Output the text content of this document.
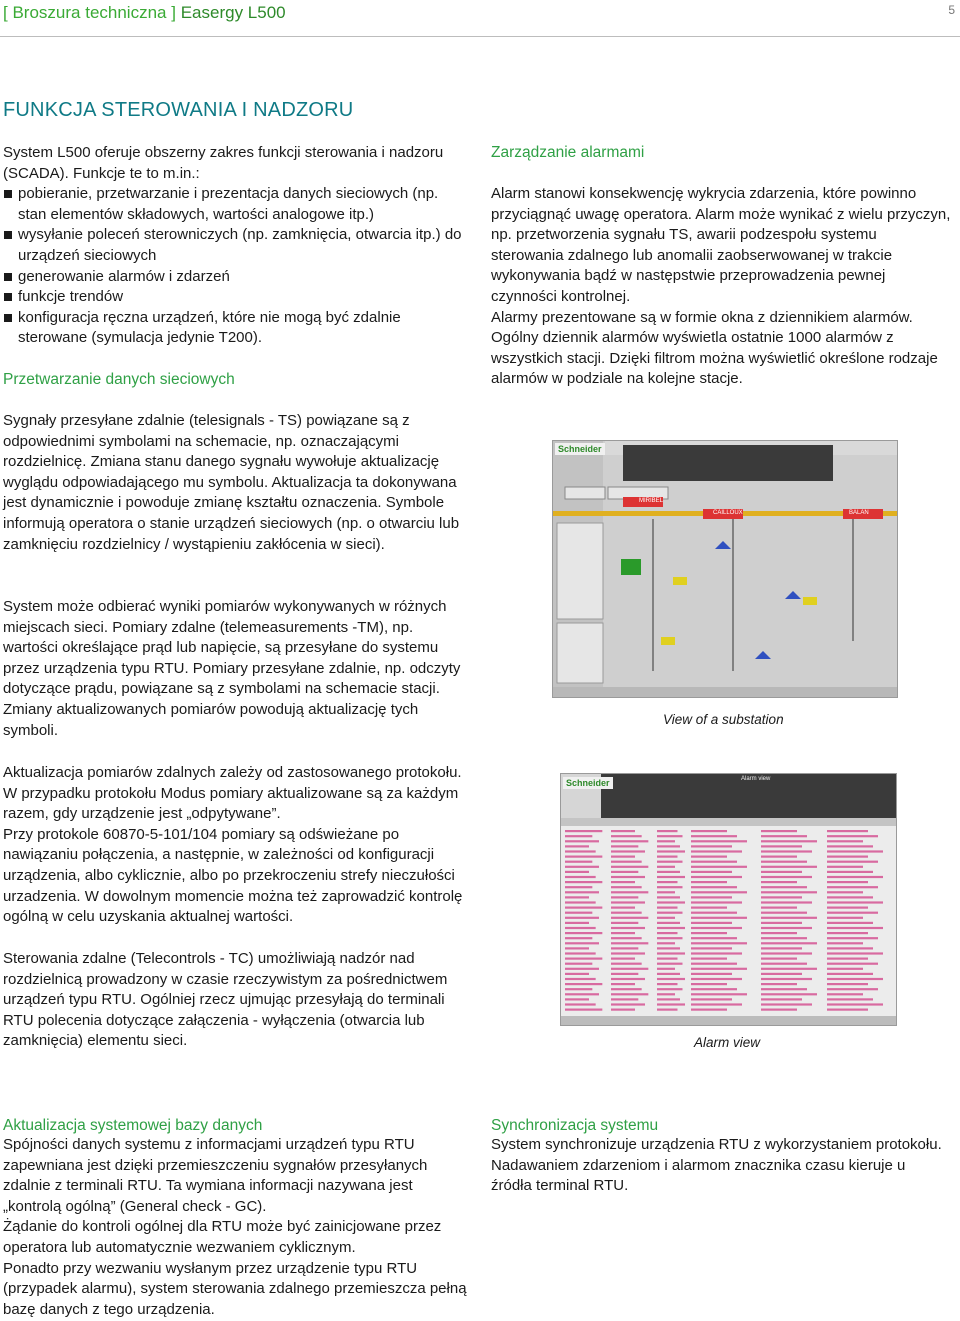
[ Broszura techniczna ] Easergy L500	5
FUNKCJA STEROWANIA I NADZORU

System L500 oferuje obszerny zakres funkcji sterowania i nadzoru (SCADA). Funkcje te to m.in.:

pobieranie, przetwarzanie i prezentacja danych sieciowych (np. stan elementów składowych, wartości analogowe itp.)
wysyłanie poleceń sterowniczych (np. zamknięcia, otwarcia itp.) do urządzeń sieciowych
generowanie alarmów i zdarzeń
funkcje trendów
konfiguracja ręczna urządzeń, które nie mogą być zdalnie sterowane (symulacja jedynie T200).
Przetwarzanie danych sieciowych
Sygnały przesyłane zdalnie (telesignals - TS) powiązane są z odpowiednimi symbolami na schemacie, np. oznaczającymi rozdzielnicę. Zmiana stanu danego sygnału wywołuje aktualizację wyglądu odpowiadającego mu symbolu. Aktualizacja ta dokonywana jest dynamicznie i powoduje zmianę kształtu oznaczenia. Symbole informują operatora o stanie urządzeń sieciowych (np. o otwarciu lub zamknięciu rozdzielnicy / wystąpieniu zakłócenia w sieci).
System może odbierać wyniki pomiarów wykonywanych w różnych miejscach sieci. Pomiary zdalne (telemeasurements -TM), np. wartości określające prąd lub napięcie, są przesyłane do systemu przez urządzenia typu RTU. Pomiary przesyłane zdalnie, np. odczyty dotyczące prądu, powiązane są z symbolami na schemacie stacji. Zmiany aktualizowanych pomiarów powodują aktualizację tych symboli.

Aktualizacja pomiarów zdalnych zależy od zastosowanego protokołu. W przypadku protokołu Modus pomiary aktualizowane są za każdym razem, gdy urządzenie jest „odpytywane”.

Przy protokole 60870-5-101/104 pomiary są odświeżane po nawiązaniu połączenia, a następnie, w zależności od konfiguracji urządzenia, albo cyklicznie, albo po przekroczeniu strefy nieczułości urzadzenia. W dowolnym momencie można też zaprowadzić kontrolę ogólną w celu uzyskania aktualnej wartości.

Sterowania zdalne (Telecontrols - TC) umożliwiają nadzór nad rozdzielnicą prowadzony w czasie rzeczywistym za pośrednictwem urządzeń typu RTU. Ogólniej rzecz ujmując przesyłają do terminali RTU polecenia dotyczące załączenia - wyłączenia (otwarcia lub zamknięcia) elementu sieci.
Zarządzanie alarmami

Alarm stanowi konsekwencję wykrycia zdarzenia, które powinno przyciągnąć uwagę operatora. Alarm może wynikać z wielu przyczyn, np. przetworzenia sygnału TS, awarii podzespołu systemu sterowania zdalnego lub anomalii zaobserwowanej w trakcie wykonywania bądź w następstwie przeprowadzenia pewnej czynności kontrolnej.

Alarmy prezentowane są w formie okna z dziennikiem alarmów. Ogólny dziennik alarmów wyświetla ostatnie 1000 alarmów z wszystkich stacji. Dzięki filtrom można wyświetlić określone rodzaje alarmów w podziale na kolejne stacje.

Schneider
MIRIBEL
CAILLOUX	BALAN
View of a substation
Schneider	Alarm view
Alarm view
Aktualizacja systemowej bazy danych

Spójności danych systemu z informacjami urządzeń typu RTU zapewniana jest dzięki przemieszczeniu sygnałów przesyłanych zdalnie z terminali RTU. Ta wymiana informacji nazywana jest „kontrolą ogólną” (General check - GC).

Żądanie do kontroli ogólnej dla RTU może być zainicjowane przez operatora lub automatycznie wezwaniem cyklicznym.

Ponadto przy wezwaniu wysłanym przez urządzenie typu RTU (przypadek alarmu), system sterowania zdalnego przemieszcza pełną bazę danych z tego urządzenia.

Synchronizacja systemu
System synchronizuje urządzenia RTU z wykorzystaniem protokołu. Nadawaniem zdarzeniom i alarmom znacznika czasu kieruje u źródła terminal RTU.
